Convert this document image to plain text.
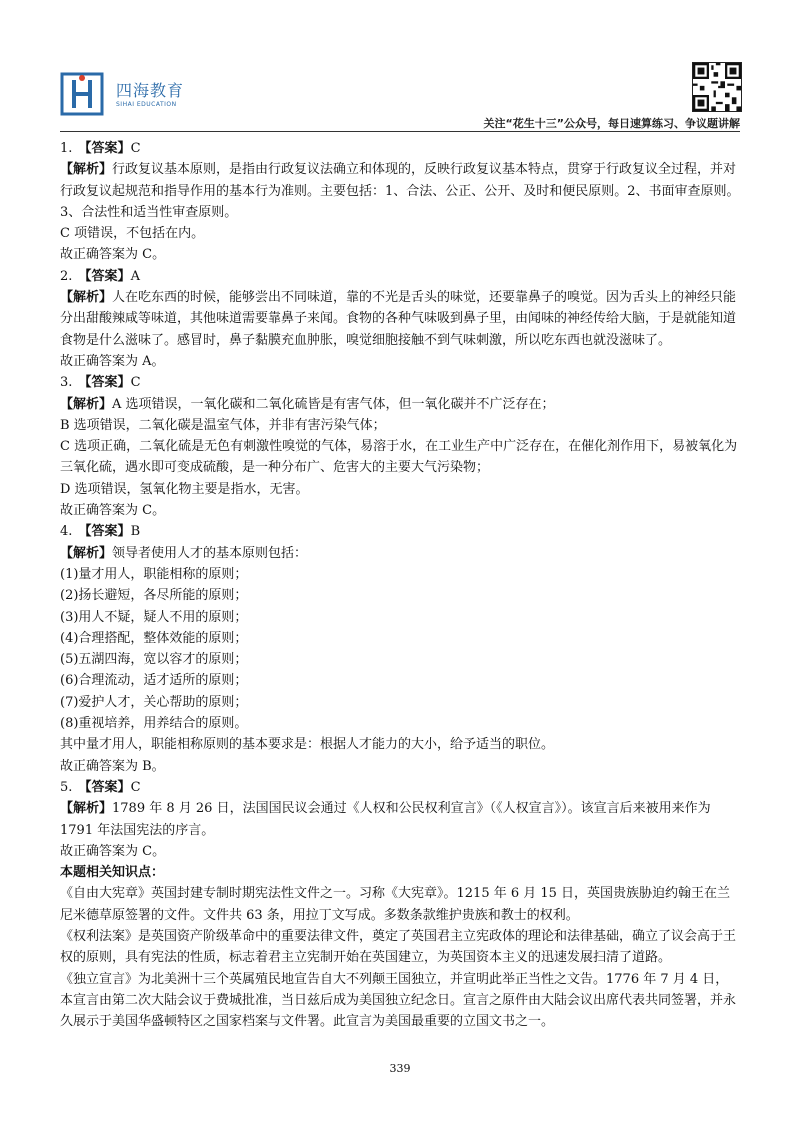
四海教育
SIHAI EDUCATION
关注“花生十三”公众号，每日速算练习、争议题讲解

1. 【答案】C

【解析】行政复议基本原则，是指由行政复议法确立和体现的，反映行政复议基本特点，贯穿于行政复议全过程，并对行政复议起规范和指导作用的基本行为准则。主要包括：1、合法、公正、公开、及时和便民原则。2、书面审查原则。3、合法性和适当性审查原则。

C 项错误，不包括在内。

故正确答案为 C。

2. 【答案】A

【解析】人在吃东西的时候，能够尝出不同味道，靠的不光是舌头的味觉，还要靠鼻子的嗅觉。因为舌头上的神经只能分出甜酸辣咸等味道，其他味道需要靠鼻子来闻。食物的各种气味吸到鼻子里，由闻味的神经传给大脑，于是就能知道食物是什么滋味了。感冒时，鼻子黏膜充血肿胀，嗅觉细胞接触不到气味刺激，所以吃东西也就没滋味了。

故正确答案为 A。

3. 【答案】C

【解析】A 选项错误，一氧化碳和二氧化硫皆是有害气体，但一氧化碳并不广泛存在；

B 选项错误，二氧化碳是温室气体，并非有害污染气体；

C 选项正确，二氧化硫是无色有刺激性嗅觉的气体，易溶于水，在工业生产中广泛存在，在催化剂作用下，易被氧化为三氧化硫，遇水即可变成硫酸，是一种分布广、危害大的主要大气污染物；

D 选项错误，氢氧化物主要是指水，无害。

故正确答案为 C。

4. 【答案】B

【解析】领导者使用人才的基本原则包括：

(1)量才用人，职能相称的原则；

(2)扬长避短，各尽所能的原则；

(3)用人不疑，疑人不用的原则；

(4)合理搭配，整体效能的原则；

(5)五湖四海，宽以容才的原则；

(6)合理流动，适才适所的原则；

(7)爱护人才，关心帮助的原则；

(8)重视培养，用养结合的原则。

其中量才用人，职能相称原则的基本要求是：根据人才能力的大小，给予适当的职位。

故正确答案为 B。

5. 【答案】C

【解析】1789 年 8 月 26 日，法国国民议会通过《人权和公民权利宣言》（《人权宣言》）。该宣言后来被用来作为 1791 年法国宪法的序言。

故正确答案为 C。

本题相关知识点：

《自由大宪章》英国封建专制时期宪法性文件之一。习称《大宪章》。1215 年 6 月 15 日，英国贵族胁迫约翰王在兰尼米德草原签署的文件。文件共 63 条，用拉丁文写成。多数条款维护贵族和教士的权利。

《权利法案》是英国资产阶级革命中的重要法律文件，奠定了英国君主立宪政体的理论和法律基础，确立了议会高于王权的原则，具有宪法的性质，标志着君主立宪制开始在英国建立，为英国资本主义的迅速发展扫清了道路。

《独立宣言》为北美洲十三个英属殖民地宣告自大不列颠王国独立，并宣明此举正当性之文告。1776 年 7 月 4 日，本宣言由第二次大陆会议于费城批准，当日兹后成为美国独立纪念日。宣言之原件由大陆会议出席代表共同签署，并永久展示于美国华盛顿特区之国家档案与文件署。此宣言为美国最重要的立国文书之一。

339
